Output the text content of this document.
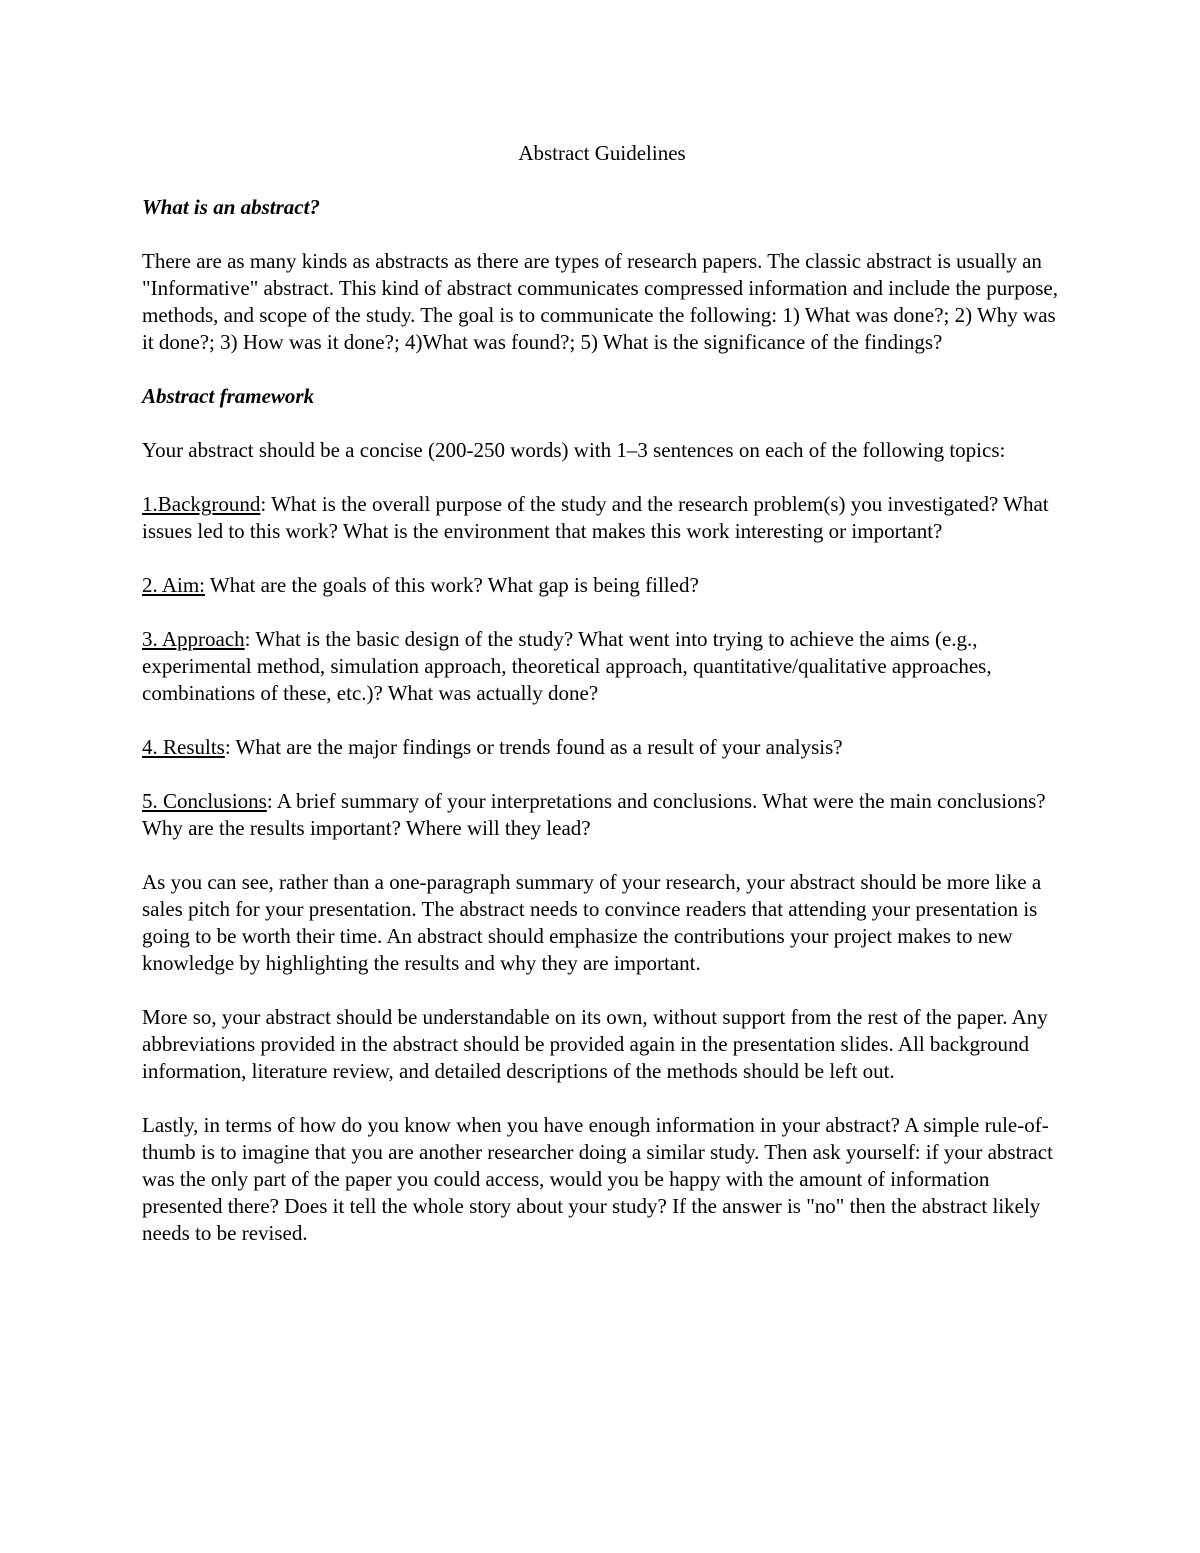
Abstract Guidelines
What is an abstract?

There are as many kinds as abstracts as there are types of research papers. The classic abstract is usually an "Informative" abstract. This kind of abstract communicates compressed information and include the purpose, methods, and scope of the study. The goal is to communicate the following: 1) What was done?; 2) Why was it done?; 3) How was it done?; 4)What was found?; 5) What is the significance of the findings?

Abstract framework

Your abstract should be a concise (200-250 words) with 1–3 sentences on each of the following topics:

1.Background: What is the overall purpose of the study and the research problem(s) you investigated? What issues led to this work? What is the environment that makes this work interesting or important?

2. Aim: What are the goals of this work? What gap is being filled?

3. Approach: What is the basic design of the study? What went into trying to achieve the aims (e.g., experimental method, simulation approach, theoretical approach, quantitative/qualitative approaches, combinations of these, etc.)? What was actually done?

4. Results: What are the major findings or trends found as a result of your analysis?

5. Conclusions: A brief summary of your interpretations and conclusions. What were the main conclusions? Why are the results important? Where will they lead?

As you can see, rather than a one-paragraph summary of your research, your abstract should be more like a sales pitch for your presentation. The abstract needs to convince readers that attending your presentation is going to be worth their time. An abstract should emphasize the contributions your project makes to new knowledge by highlighting the results and why they are important.

More so, your abstract should be understandable on its own, without support from the rest of the paper. Any abbreviations provided in the abstract should be provided again in the presentation slides. All background information, literature review, and detailed descriptions of the methods should be left out.

Lastly, in terms of how do you know when you have enough information in your abstract? A simple rule-of-thumb is to imagine that you are another researcher doing a similar study. Then ask yourself: if your abstract was the only part of the paper you could access, would you be happy with the amount of information presented there? Does it tell the whole story about your study? If the answer is "no" then the abstract likely needs to be revised.
